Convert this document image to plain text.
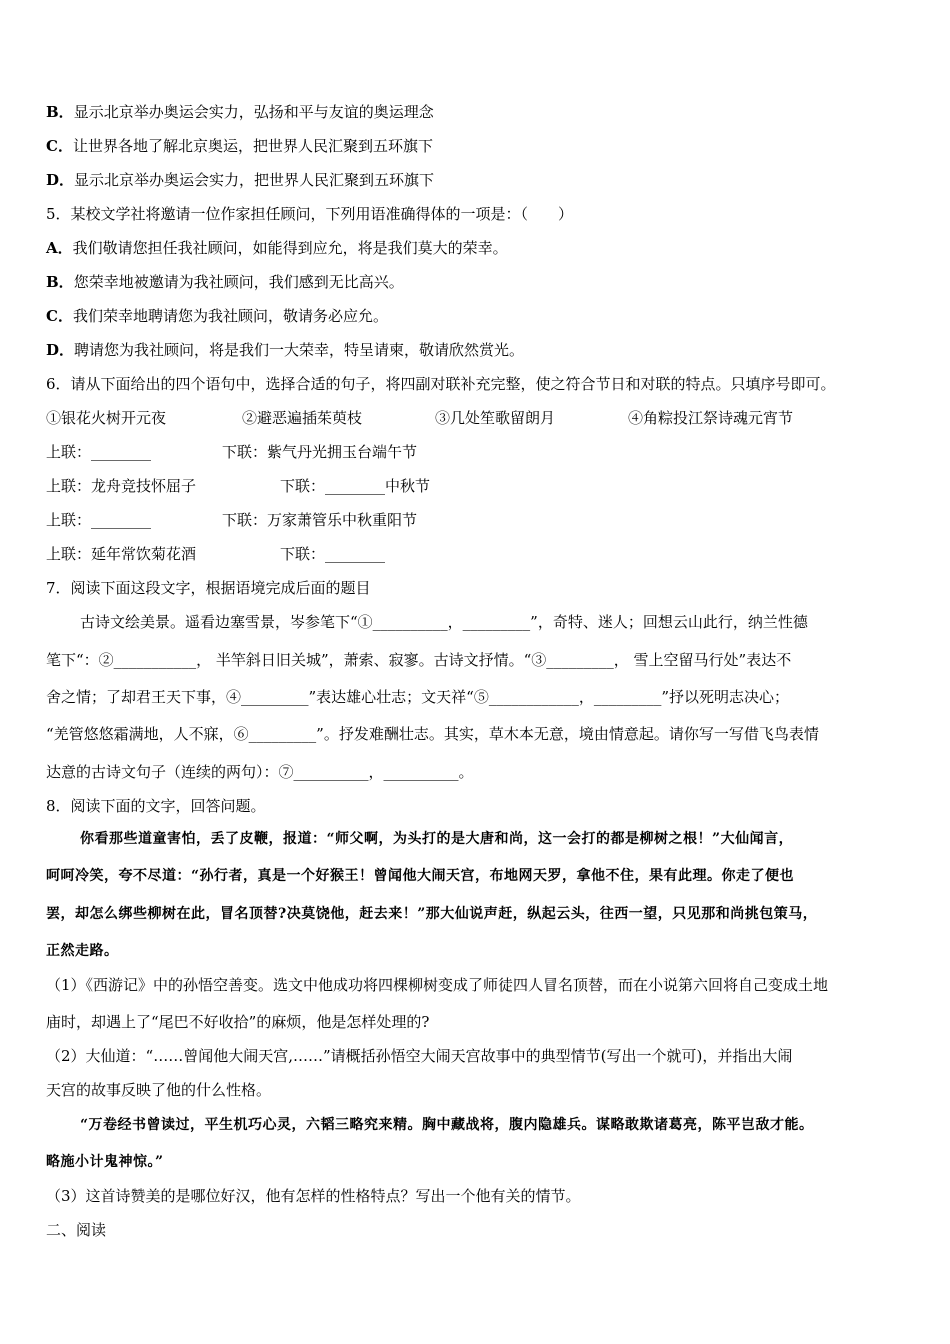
B．显示北京举办奥运会实力，弘扬和平与友谊的奥运理念
C．让世界各地了解北京奥运，把世界人民汇聚到五环旗下
D．显示北京举办奥运会实力，把世界人民汇聚到五环旗下
5．某校文学社将邀请一位作家担任顾问，下列用语准确得体的一项是：（　　）
A．我们敬请您担任我社顾问，如能得到应允，将是我们莫大的荣幸。
B．您荣幸地被邀请为我社顾问，我们感到无比高兴。
C．我们荣幸地聘请您为我社顾问，敬请务必应允。
D．聘请您为我社顾问，将是我们一大荣幸，特呈请柬，敬请欣然赏光。
6．请从下面给出的四个语句中，选择合适的句子，将四副对联补充完整，使之符合节日和对联的特点。只填序号即可。
①银花火树开元夜	②避恶遍插茱萸枝	③几处笙歌留朗月	④角粽投江祭诗魂元宵节
上联：________	下联：紫气丹光拥玉台端午节
上联：龙舟竞技怀屈子	下联：________中秋节
上联：________	下联：万家萧管乐中秋重阳节
上联：延年常饮菊花酒	下联：________
7．阅读下面这段文字，根据语境完成后面的题目
古诗文绘美景。遥看边塞雪景，岑参笔下“①__________，_________”，奇特、迷人；回想云山此行，纳兰性德
笔下“：②___________， 半竿斜日旧关城”，萧索、寂寥。古诗文抒情。“③_________， 雪上空留马行处”表达不
舍之情；了却君王天下事，④_________”表达雄心壮志；文天祥“⑤____________，_________”抒以死明志决心；
“羌管悠悠霜满地，人不寐，⑥_________”。抒发难酬壮志。其实，草木本无意，境由情意起。请你写一写借飞鸟表情
达意的古诗文句子（连续的两句）：⑦__________，__________。
8．阅读下面的文字，回答问题。
你看那些道童害怕，丢了皮鞭，报道：“师父啊，为头打的是大唐和尚，这一会打的都是柳树之根！”大仙闻言，
呵呵冷笑，夸不尽道：“孙行者，真是一个好猴王！曾闻他大闹天宫，布地网天罗，拿他不住，果有此理。你走了便也
罢，却怎么绑些柳树在此，冒名顶替?决莫饶他，赶去来！”那大仙说声赶，纵起云头，往西一望，只见那和尚挑包策马，
正然走路。
（1）《西游记》中的孙悟空善变。选文中他成功将四棵柳树变成了师徒四人冒名顶替，而在小说第六回将自己变成土地
庙时，却遇上了“尾巴不好收拾”的麻烦，他是怎样处理的?
（2）大仙道：“……曾闻他大闹天宫,……”请概括孙悟空大闹天宫故事中的典型情节(写出一个就可)，并指出大闹
天宫的故事反映了他的什么性格。
“万卷经书曾读过，平生机巧心灵，六韬三略究来精。胸中藏战将，腹内隐雄兵。谋略敢欺诸葛亮，陈平岂敌才能。
略施小计鬼神惊。”
（3）这首诗赞美的是哪位好汉，他有怎样的性格特点？写出一个他有关的情节。
二、阅读
